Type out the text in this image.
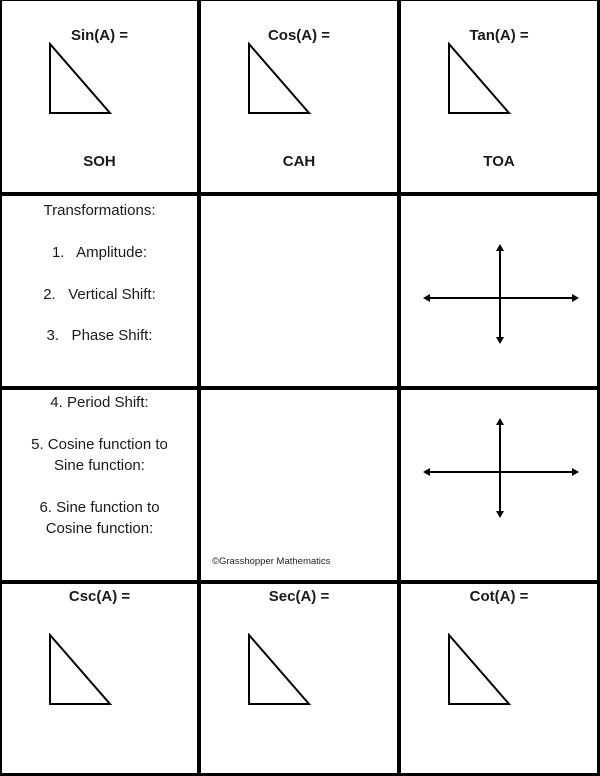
Sin(A) =
SOH
Cos(A) =
CAH
Tan(A) =
TOA
Transformations:
1.   Amplitude:
2.   Vertical Shift:
3.   Phase Shift:
4. Period Shift:
5. Cosine function to
Sine function:
6. Sine function to
Cosine function:
©Grasshopper Mathematics
Csc(A) =	Sec(A) =	Cot(A) =
